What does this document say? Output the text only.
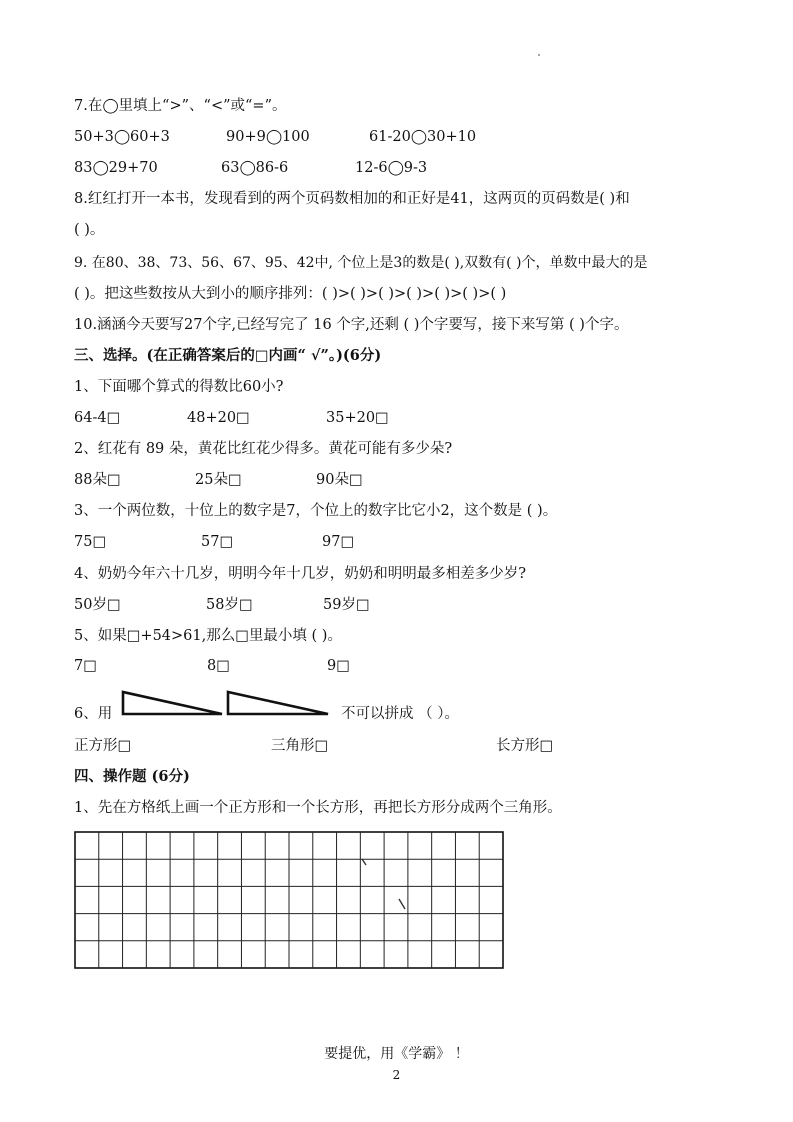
7.在◯里填上“>”、“<”或“=”。
50+3◯60+3	90+9◯100	61-20◯30+10
83◯29+70	63◯86-6	12-6◯9-3
8.红红打开一本书，发现看到的两个页码数相加的和正好是41，这两页的页码数是( )和
( )。
9. 在80、38、73、56、67、95、42中, 个位上是3的数是( ),双数有( )个，单数中最大的是
( )。把这些数按从大到小的顺序排列：( )>( )>( )>( )>( )>( )>( )
10.涵涵今天要写27个字,已经写完了 16 个字,还剩 ( )个字要写，接下来写第 ( )个字。
三、选择。(在正确答案后的□内画“ √”。)(6分)
1、下面哪个算式的得数比60小?
64-4□	48+20□	35+20□
2、红花有 89 朵，黄花比红花少得多。黄花可能有多少朵?
88朵□	25朵□	90朵□
3、一个两位数，十位上的数字是7，个位上的数字比它小2，这个数是 ( )。
75□	57□	97□
4、奶奶今年六十几岁，明明今年十几岁，奶奶和明明最多相差多少岁?
50岁□	58岁□	59岁□
5、如果□+54>61,那么□里最小填 ( )。
7□	8□	9□
6、用	不可以拼成 （ ）。
正方形□	三角形□	长方形□
四、操作题 (6分)
1、先在方格纸上画一个正方形和一个长方形，再把长方形分成两个三角形。
要提优，用《学霸》 ！
2
